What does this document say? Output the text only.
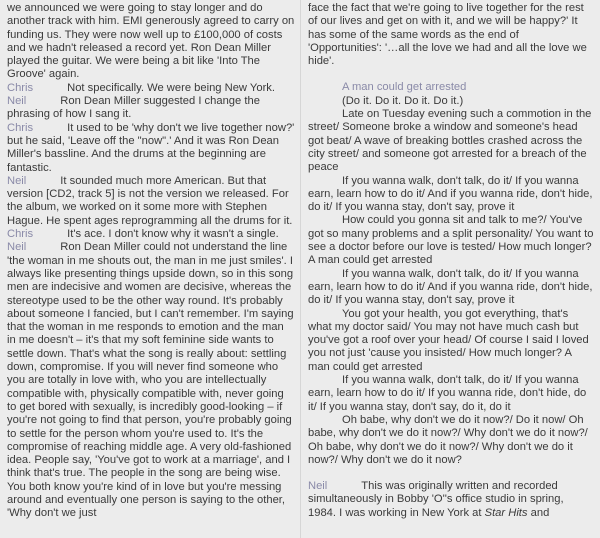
we announced we were going to stay longer and do another track with him. EMI generously agreed to carry on funding us. They were now well up to £100,000 of costs and we hadn't released a record yet. Ron Dean Miller played the guitar. We were being a bit like 'Into The Groove' again.

Chris	Not specifically. We were being New York.

Neil	Ron Dean Miller suggested I change the phrasing of how I sang it.

Chris	It used to be 'why don't we live together now?' but he said, 'Leave off the "now".' And it was Ron Dean Miller's bassline. And the drums at the beginning are fantastic.

Neil	It sounded much more American. But that version [CD2, track 5] is not the version we released. For the album, we worked on it some more with Stephen Hague. He spent ages reprogramming all the drums for it.

Chris	It's ace. I don't know why it wasn't a single.

Neil	Ron Dean Miller could not understand the line 'the woman in me shouts out, the man in me just smiles'. I always like presenting things upside down, so in this song men are indecisive and women are decisive, whereas the stereotype used to be the other way round. It's probably about someone I fancied, but I can't remember. I'm saying that the woman in me responds to emotion and the man in me doesn't – it's that my soft feminine side wants to settle down. That's what the song is really about: settling down, compromise. If you will never find someone who you are totally in love with, who you are intellectually compatible with, physically compatible with, never going to get bored with sexually, is incredibly good-looking – if you're not going to find that person, you're probably going to settle for the person whom you're used to. It's the compromise of reaching middle age. A very old-fashioned idea. People say, 'You've got to work at a marriage', and I think that's true. The people in the song are being wise. You both know you're kind of in love but you're messing around and eventually one person is saying to the other, 'Why don't we just

face the fact that we're going to live together for the rest of our lives and get on with it, and we will be happy?' It has some of the same words as the end of 'Opportunities': '…all the love we had and all the love we hide'.

A man could get arrested

(Do it. Do it. Do it. Do it.)

Late on Tuesday evening such a commotion in the street/ Someone broke a window and someone's head got beat/ A wave of breaking bottles crashed across the city street/ and someone got arrested for a breach of the peace

If you wanna walk, don't talk, do it/ If you wanna earn, learn how to do it/ And if you wanna ride, don't hide, do it/ If you wanna stay, don't say, prove it

How could you gonna sit and talk to me?/ You've got so many problems and a split personality/ You want to see a doctor before our love is tested/ How much longer? A man could get arrested

If you wanna walk, don't talk, do it/ If you wanna earn, learn how to do it/ And if you wanna ride, don't hide, do it/ If you wanna stay, don't say, prove it

You got your health, you got everything, that's what my doctor said/ You may not have much cash but you've got a roof over your head/ Of course I said I loved you not just 'cause you insisted/ How much longer? A man could get arrested

If you wanna walk, don't talk, do it/ If you wanna earn, learn how to do it/ If you wanna ride, don't hide, do it/ If you wanna stay, don't say, do it, do it

Oh babe, why don't we do it now?/ Do it now/ Oh babe, why don't we do it now?/ Why don't we do it now?/ Oh babe, why don't we do it now?/ Why don't we do it now?/ Why don't we do it now?

Neil	This was originally written and recorded simultaneously in Bobby 'O''s office studio in spring, 1984. I was working in New York at Star Hits and
